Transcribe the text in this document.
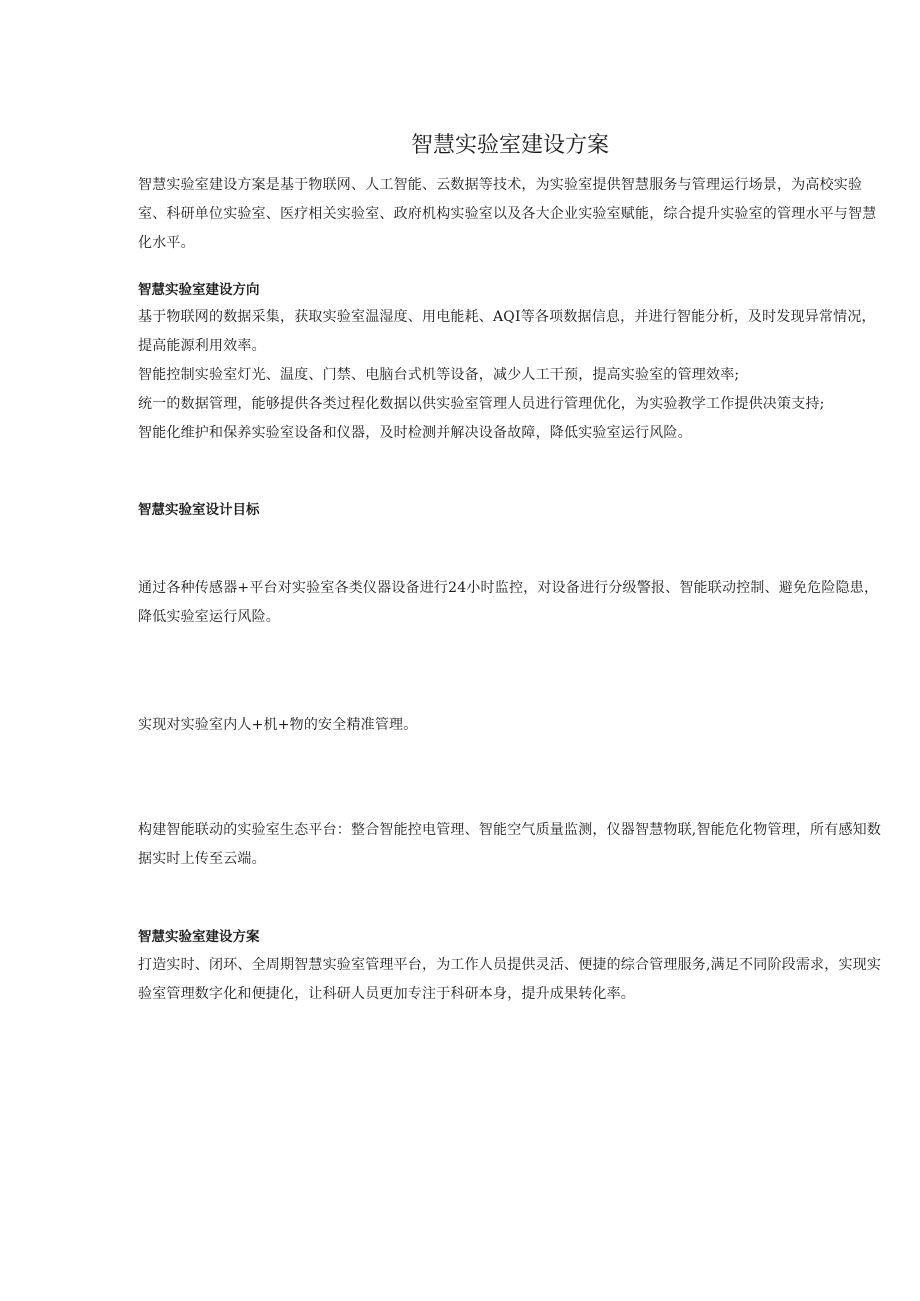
智慧实验室建设方案

智慧实验室建设方案是基于物联网、人工智能、云数据等技术，为实验室提供智慧服务与管理运行场景，为高校实验室、科研单位实验室、医疗相关实验室、政府机构实验室以及各大企业实验室赋能，综合提升实验室的管理水平与智慧化水平。

智慧实验室建设方向
基于物联网的数据采集，获取实验室温湿度、用电能耗、AQI等各项数据信息，并进行智能分析，及时发现异常情况，提高能源利用效率。
智能控制实验室灯光、温度、门禁、电脑台式机等设备，减少人工干预，提高实验室的管理效率;
统一的数据管理，能够提供各类过程化数据以供实验室管理人员进行管理优化，为实验教学工作提供决策支持;
智能化维护和保养实验室设备和仪器，及时检测并解决设备故障，降低实验室运行风险。
智慧实验室设计目标

通过各种传感器+平台对实验室各类仪器设备进行24小时监控，对设备进行分级警报、智能联动控制、避免危险隐患，降低实验室运行风险。

实现对实验室内人+机+物的安全精准管理。

构建智能联动的实验室生态平台：整合智能控电管理、智能空气质量监测，仪器智慧物联,智能危化物管理，所有感知数据实时上传至云端。

智慧实验室建设方案

打造实时、闭环、全周期智慧实验室管理平台，为工作人员提供灵活、便捷的综合管理服务,满足不同阶段需求，实现实验室管理数字化和便捷化，让科研人员更加专注于科研本身，提升成果转化率。
